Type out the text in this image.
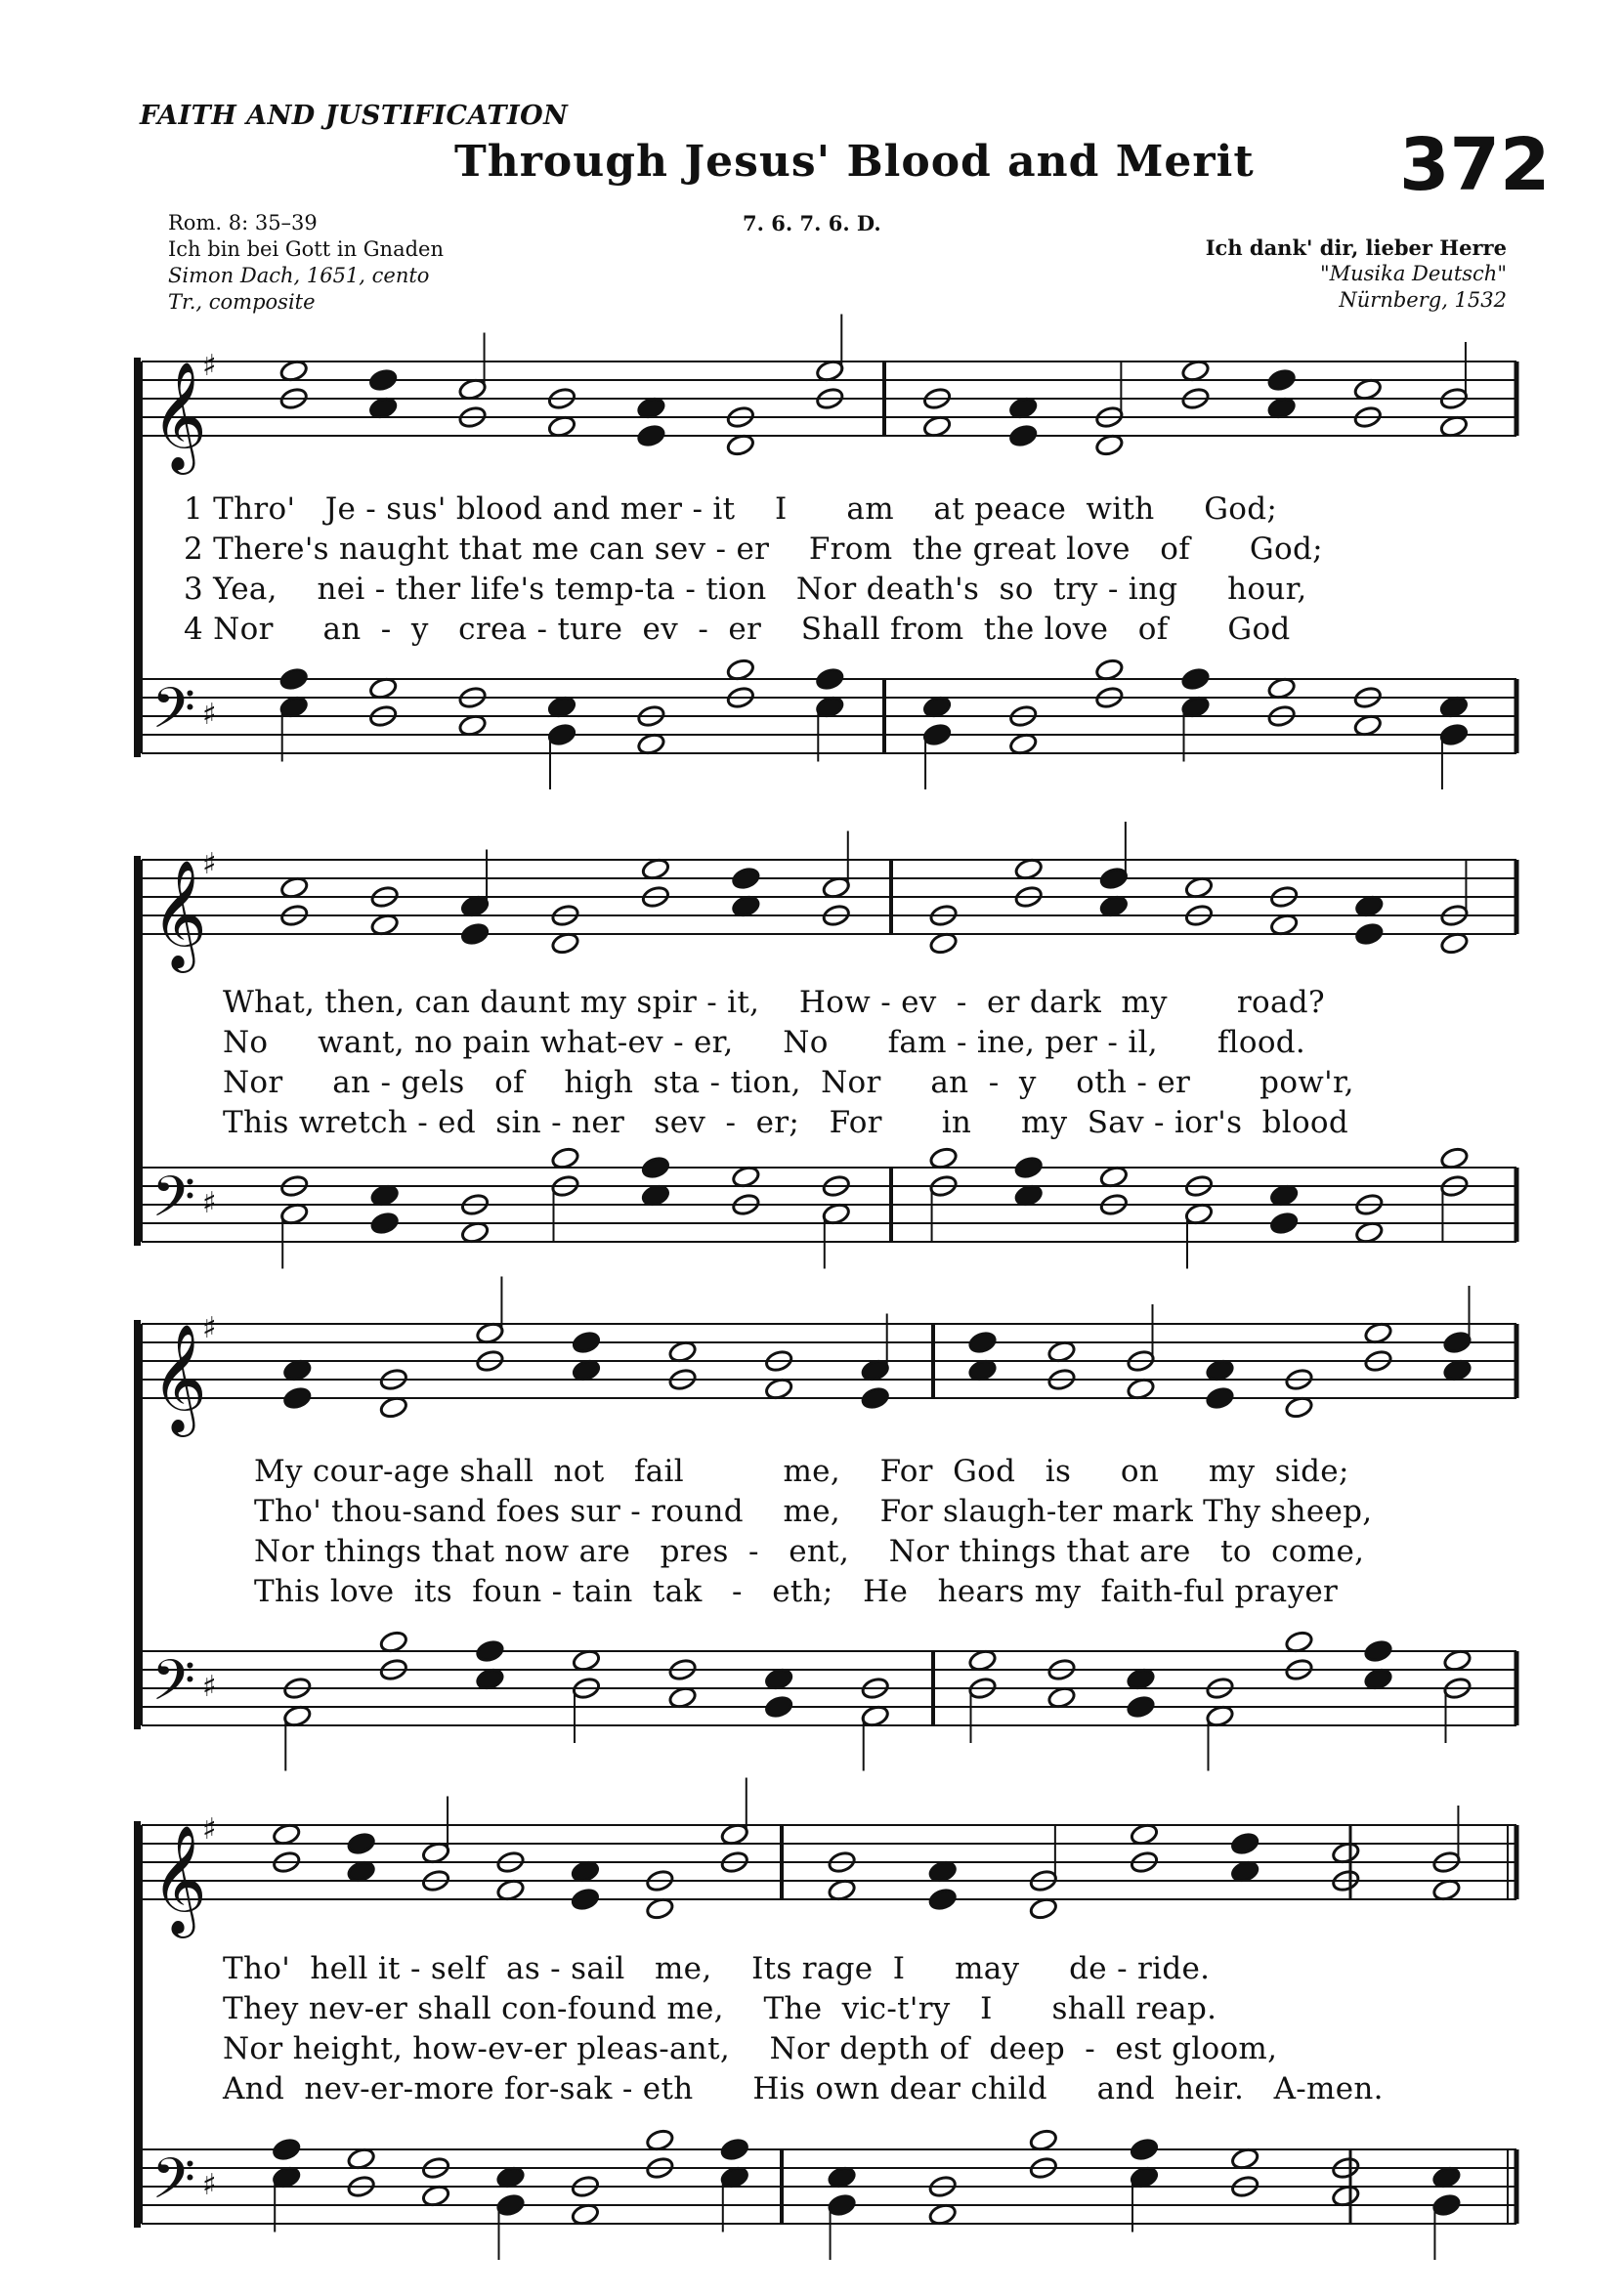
FAITH AND JUSTIFICATION
Through Jesus' Blood and Merit 372
Rom. 8: 35–39
Ich bin bei Gott in Gnaden
Simon Dach, 1651, cento
Tr., composite
7. 6. 7. 6. D.
Ich dank' dir, lieber Herre
"Musika Deutsch"
Nürnberg, 1532
𝄞
𝄢
♯
♯
𝄞
𝄢
♯
♯
𝄞
𝄢
♯
♯
𝄞
𝄢
♯
♯
1 Thro'   Je - sus' blood and mer - it    I      am    at peace  with     God;
2 There's naught that me can sev - er    From  the great love   of      God;
3 Yea,    nei - ther life's temp-ta - tion   Nor death's  so  try - ing     hour,
4 Nor     an  -  y   crea - ture  ev  -  er    Shall from  the love   of      God
What, then, can daunt my spir - it,    How - ev  -  er dark  my       road?
No     want, no pain what-ev - er,     No      fam - ine, per - il,      flood.
Nor     an - gels   of    high  sta - tion,  Nor     an  -  y    oth - er       pow'r,
This wretch - ed  sin - ner   sev  -  er;   For      in     my  Sav - ior's  blood
My cour-age shall  not   fail          me,    For  God   is     on     my  side;
Tho' thou-sand foes sur - round    me,    For slaugh-ter mark Thy sheep,
Nor things that now are   pres  -   ent,    Nor things that are   to  come,
This love  its  foun - tain  tak   -   eth;   He   hears my  faith-ful prayer
Tho'  hell it - self  as - sail   me,    Its rage  I     may     de - ride.
They nev-er shall con-found me,    The  vic-t'ry   I      shall reap.
Nor height, how-ev-er pleas-ant,    Nor depth of  deep  -  est gloom,
And  nev-er-more for-sak - eth      His own dear child     and  heir.   A-men.
